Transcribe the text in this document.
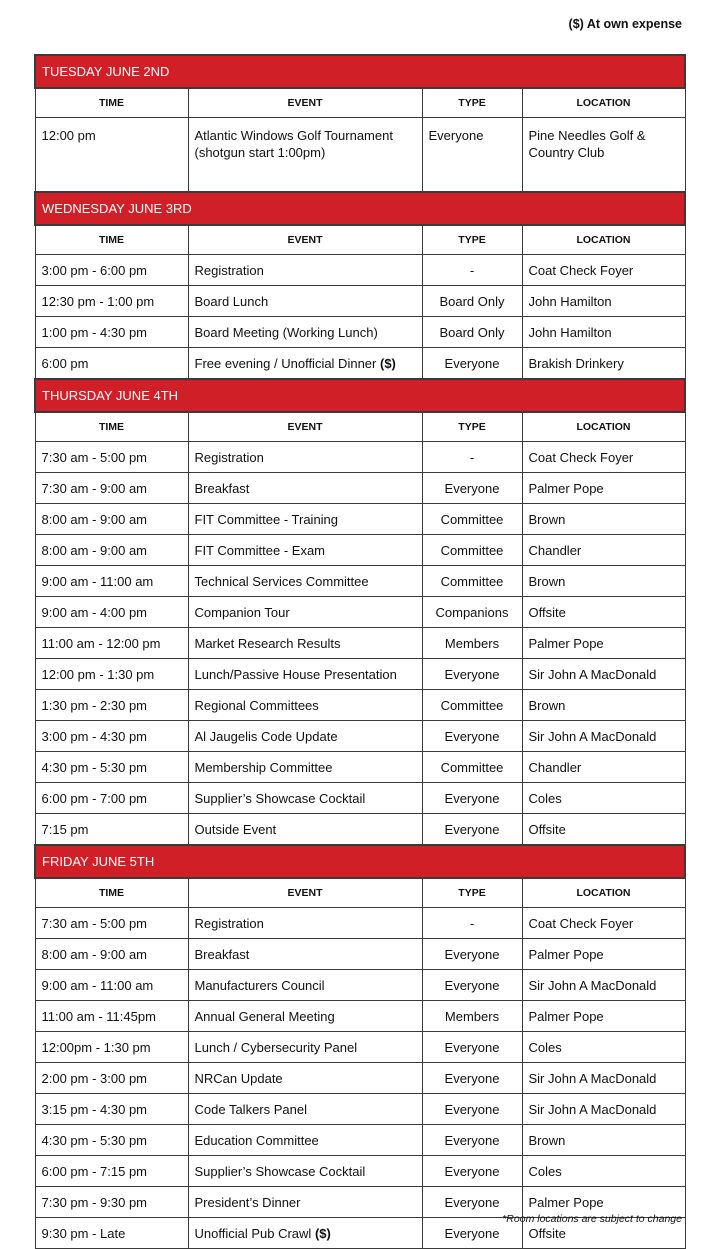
($) At own expense
TUESDAY JUNE 2ND			
TIME	EVENT	TYPE	LOCATION
12:00 pm	Atlantic Windows Golf Tournament (shotgun start 1:00pm)	Everyone	Pine Needles Golf & Country Club
WEDNESDAY JUNE 3RD			
TIME	EVENT	TYPE	LOCATION
3:00 pm - 6:00 pm	Registration	-	Coat Check Foyer
12:30 pm - 1:00 pm	Board Lunch	Board Only	John Hamilton
1:00 pm - 4:30 pm	Board Meeting (Working Lunch)	Board Only	John Hamilton
6:00 pm	Free evening / Unofficial Dinner ($)	Everyone	Brakish Drinkery
THURSDAY JUNE 4TH			
TIME	EVENT	TYPE	LOCATION
7:30 am - 5:00 pm	Registration	-	Coat Check Foyer
7:30 am - 9:00 am	Breakfast	Everyone	Palmer Pope
8:00 am - 9:00 am	FIT Committee - Training	Committee	Brown
8:00 am - 9:00 am	FIT Committee - Exam	Committee	Chandler
9:00 am - 11:00 am	Technical Services Committee	Committee	Brown
9:00 am - 4:00 pm	Companion Tour	Companions	Offsite
11:00 am - 12:00 pm	Market Research Results	Members	Palmer Pope
12:00 pm - 1:30 pm	Lunch/Passive House Presentation	Everyone	Sir John A MacDonald
1:30 pm - 2:30 pm	Regional Committees	Committee	Brown
3:00 pm - 4:30 pm	Al Jaugelis Code Update	Everyone	Sir John A MacDonald
4:30 pm - 5:30 pm	Membership Committee	Committee	Chandler
6:00 pm - 7:00 pm	Supplier’s Showcase Cocktail	Everyone	Coles
7:15 pm	Outside Event	Everyone	Offsite
FRIDAY JUNE 5TH			
TIME	EVENT	TYPE	LOCATION
7:30 am - 5:00 pm	Registration	-	Coat Check Foyer
8:00 am - 9:00 am	Breakfast	Everyone	Palmer Pope
9:00 am - 11:00 am	Manufacturers Council	Everyone	Sir John A MacDonald
11:00 am - 11:45pm	Annual General Meeting	Members	Palmer Pope
12:00pm - 1:30 pm	Lunch / Cybersecurity Panel	Everyone	Coles
2:00 pm - 3:00 pm	NRCan Update	Everyone	Sir John A MacDonald
3:15 pm - 4:30 pm	Code Talkers Panel	Everyone	Sir John A MacDonald
4:30 pm - 5:30 pm	Education Committee	Everyone	Brown
6:00 pm - 7:15 pm	Supplier’s Showcase Cocktail	Everyone	Coles
7:30 pm - 9:30 pm	President’s Dinner	Everyone	Palmer Pope
9:30 pm - Late	Unofficial Pub Crawl ($)	Everyone	Offsite
*Room locations are subject to change
